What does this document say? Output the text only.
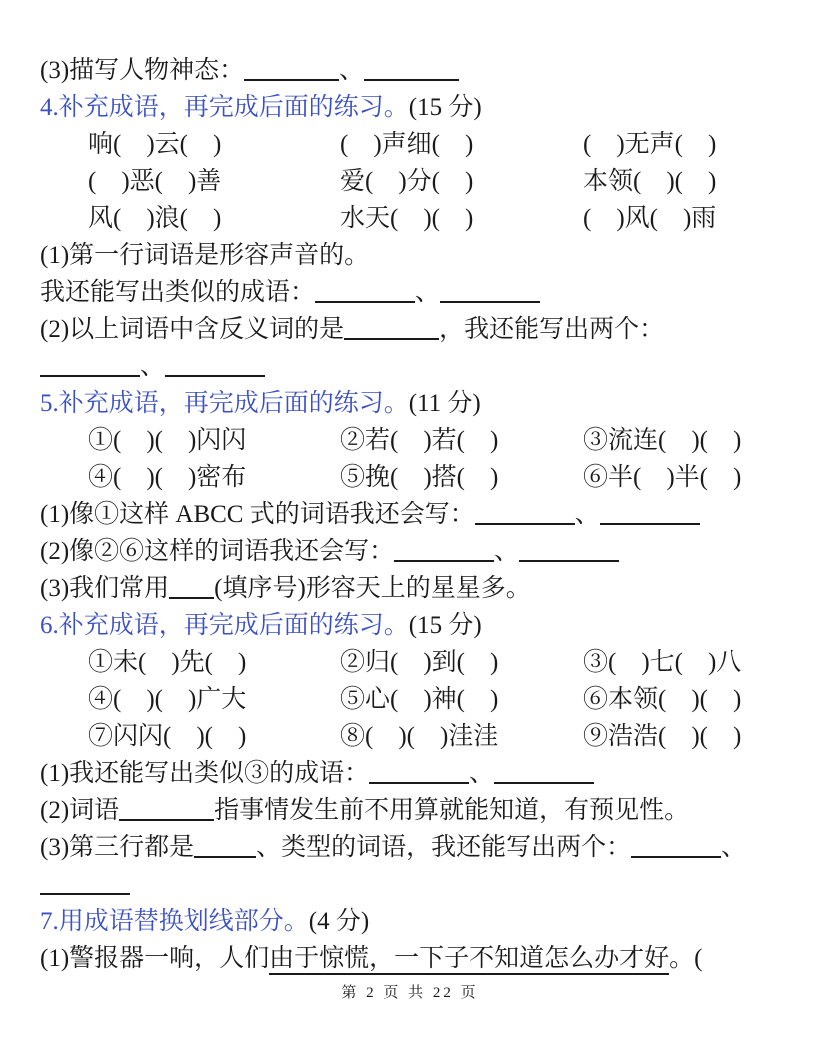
(3)描写人物神态：	、
4.补充成语，再完成后面的练习。(15 分)
响(　)云(　)	(　)声细(　)	(　)无声(　)
(　)恶(　)善	爱(　)分(　)	本领(　)(　)
风(　)浪(　)	水天(　)(　)	(　)风(　)雨
(1)第一行词语是形容声音的。
我还能写出类似的成语：	、
(2)以上词语中含反义词的是	，我还能写出两个：
、
5.补充成语，再完成后面的练习。(11 分)
①(　)(　)闪闪	②若(　)若(　)	③流连(　)(　)
④(　)(　)密布	⑤挽(　)搭(　)	⑥半(　)半(　)
(1)像①这样 ABCC 式的词语我还会写：	、
(2)像②⑥这样的词语我还会写：	、
(3)我们常用 (填序号)形容天上的星星多。
6.补充成语，再完成后面的练习。(15 分)
①未(　)先(　)	②归(　)到(　)	③(　)七(　)八
④(　)(　)广大	⑤心(　)神(　)	⑥本领(　)(　)
⑦闪闪(　)(　)	⑧(　)(　)洼洼	⑨浩浩(　)(　)
(1)我还能写出类似③的成语：	、
(2)词语	指事情发生前不用算就能知道，有预见性。
(3)第三行都是 、类型的词语，我还能写出两个：	、
7.用成语替换划线部分。(4 分)
(1)警报器一响，人们由于惊慌，一下子不知道怎么办才好。(
第 2 页 共 22 页
